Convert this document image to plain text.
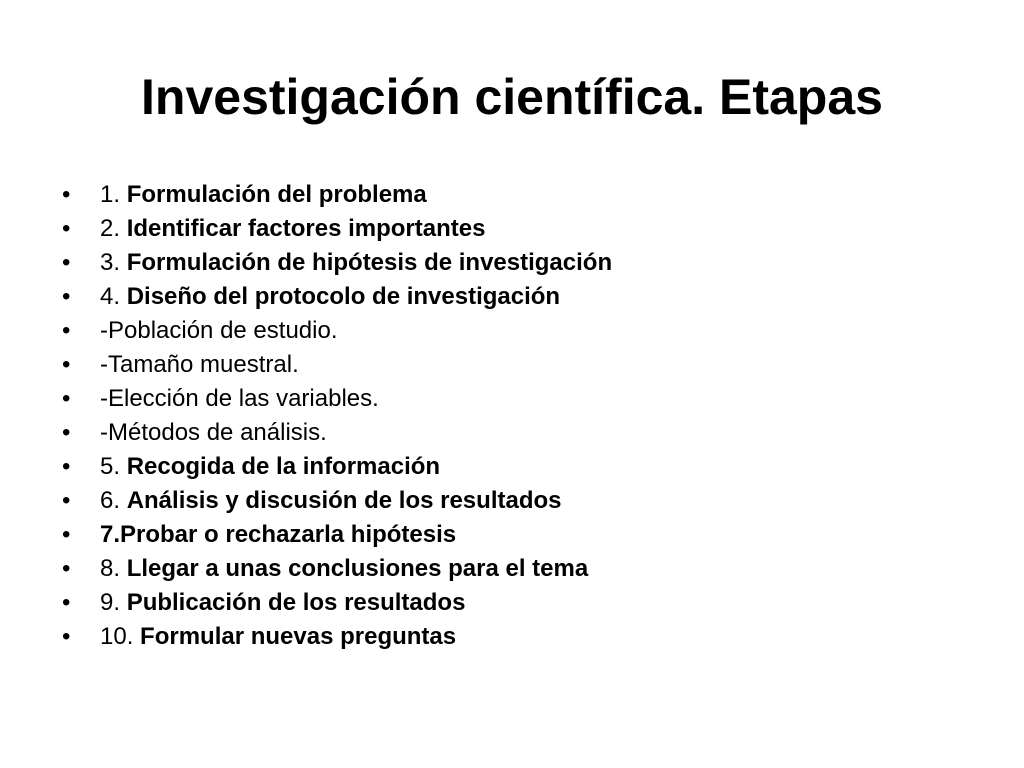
Investigación científica. Etapas
• 1. Formulación del problema
• 2. Identificar factores importantes
• 3. Formulación de hipótesis de investigación
• 4. Diseño del protocolo de investigación
• -Población de estudio.
• -Tamaño muestral.
• -Elección de las variables.
• -Métodos de análisis.
• 5. Recogida de la información
• 6. Análisis y discusión de los resultados
• 7.Probar o rechazarla hipótesis
• 8. Llegar a unas conclusiones para el tema
• 9. Publicación de los resultados
• 10. Formular nuevas preguntas
